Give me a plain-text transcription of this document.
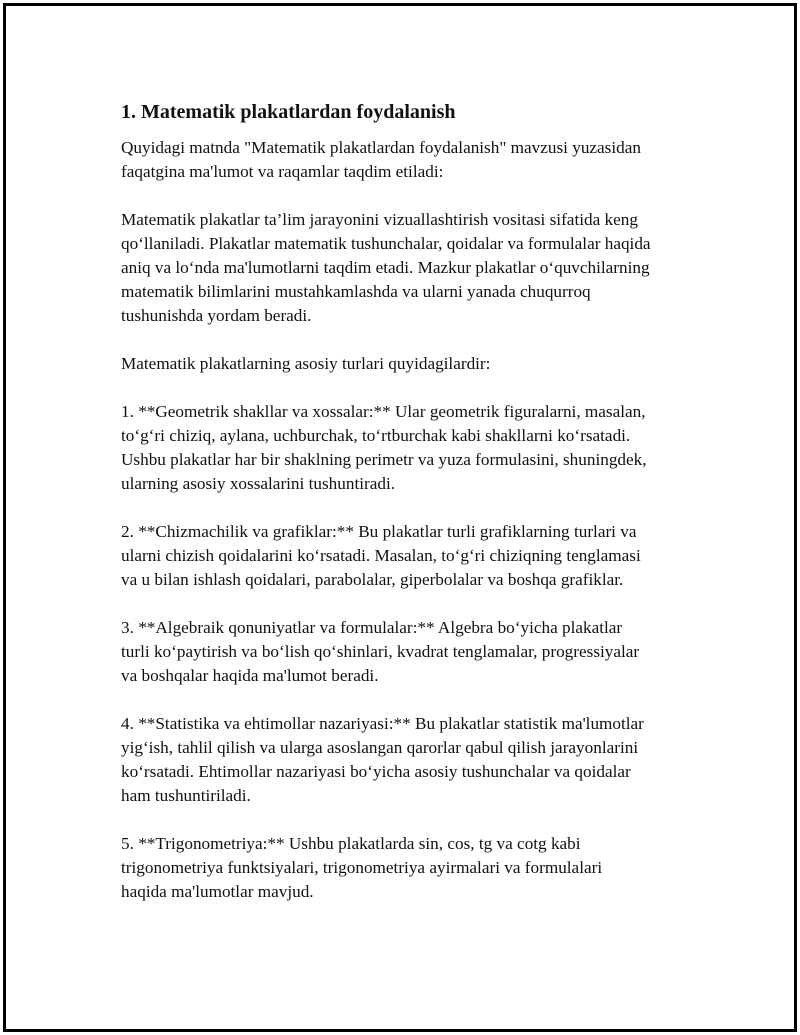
1. Matematik plakatlardan foydalanish
Quyidagi matnda "Matematik plakatlardan foydalanish" mavzusi yuzasidan
faqatgina ma'lumot va raqamlar taqdim etiladi:
Matematik plakatlar ta’lim jarayonini vizuallashtirish vositasi sifatida keng
qo‘llaniladi. Plakatlar matematik tushunchalar, qoidalar va formulalar haqida
aniq va lo‘nda ma'lumotlarni taqdim etadi. Mazkur plakatlar o‘quvchilarning
matematik bilimlarini mustahkamlashda va ularni yanada chuqurroq
tushunishda yordam beradi.
Matematik plakatlarning asosiy turlari quyidagilardir:
1. **Geometrik shakllar va xossalar:** Ular geometrik figuralarni, masalan,
to‘g‘ri chiziq, aylana, uchburchak, to‘rtburchak kabi shakllarni ko‘rsatadi.
Ushbu plakatlar har bir shaklning perimetr va yuza formulasini, shuningdek,
ularning asosiy xossalarini tushuntiradi.
2. **Chizmachilik va grafiklar:** Bu plakatlar turli grafiklarning turlari va
ularni chizish qoidalarini ko‘rsatadi. Masalan, to‘g‘ri chiziqning tenglamasi
va u bilan ishlash qoidalari, parabolalar, giperbolalar va boshqa grafiklar.
3. **Algebraik qonuniyatlar va formulalar:** Algebra bo‘yicha plakatlar
turli ko‘paytirish va bo‘lish qo‘shinlari, kvadrat tenglamalar, progressiyalar
va boshqalar haqida ma'lumot beradi.
4. **Statistika va ehtimollar nazariyasi:** Bu plakatlar statistik ma'lumotlar
yig‘ish, tahlil qilish va ularga asoslangan qarorlar qabul qilish jarayonlarini
ko‘rsatadi. Ehtimollar nazariyasi bo‘yicha asosiy tushunchalar va qoidalar
ham tushuntiriladi.
5. **Trigonometriya:** Ushbu plakatlarda sin, cos, tg va cotg kabi
trigonometriya funktsiyalari, trigonometriya ayirmalari va formulalari
haqida ma'lumotlar mavjud.
